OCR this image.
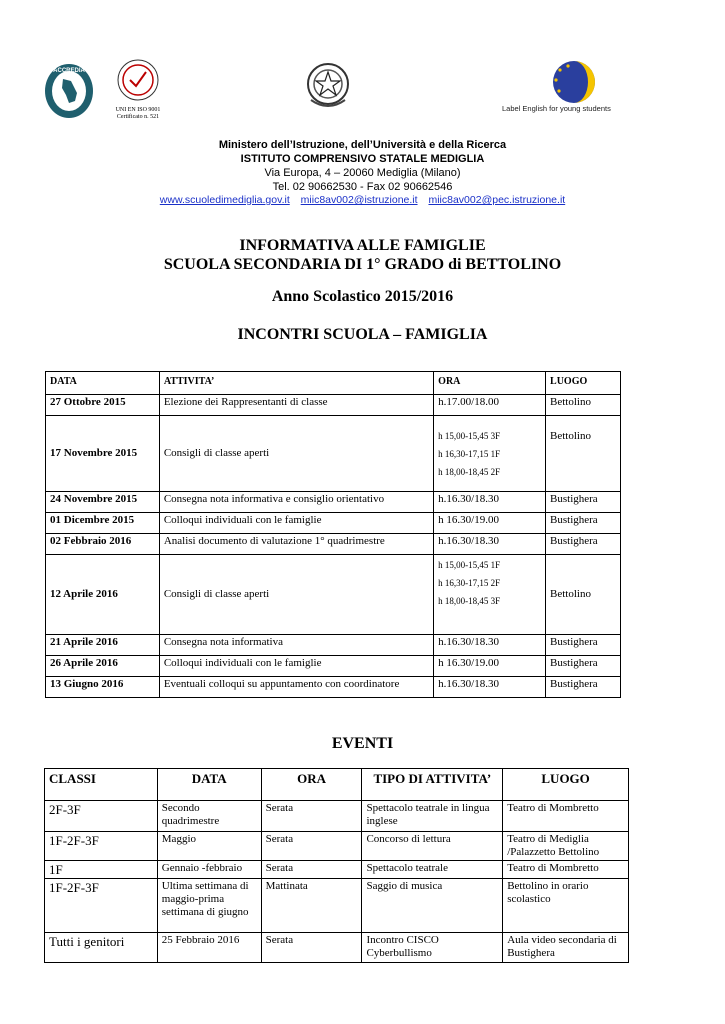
ACCREDIA
UNI EN ISO 9001 Certificato n. 521
Label English for young students
Ministero dell’Istruzione, dell’Università e della Ricerca
ISTITUTO COMPRENSIVO STATALE MEDIGLIA
Via Europa, 4 – 20060 Mediglia (Milano)
Tel. 02 90662530 - Fax 02 90662546
www.scuoledimediglia.gov.it miic8av002@istruzione.it miic8av002@pec.istruzione.it
INFORMATIVA ALLE FAMIGLIE
SCUOLA SECONDARIA DI 1° GRADO di BETTOLINO
Anno Scolastico 2015/2016
INCONTRI SCUOLA – FAMIGLIA
DATA	ATTIVITA’	ORA	LUOGO
27 Ottobre 2015	Elezione dei Rappresentanti di classe	h.17.00/18.00	Bettolino
17 Novembre 2015	Consigli di classe aperti	h 15,00-15,45 3F
h 16,30-17,15 1F
h 18,00-18,45 2F	Bettolino
24 Novembre 2015	Consegna nota informativa e consiglio orientativo	h.16.30/18.30	Bustighera
01 Dicembre 2015	Colloqui individuali con le famiglie	h 16.30/19.00	Bustighera
02 Febbraio 2016	Analisi documento di valutazione 1° quadrimestre	h.16.30/18.30	Bustighera
12 Aprile 2016	Consigli di classe aperti	h 15,00-15,45 1F
h 16,30-17,15 2F
h 18,00-18,45 3F	Bettolino
21 Aprile 2016	Consegna nota informativa	h.16.30/18.30	Bustighera
26 Aprile 2016	Colloqui individuali con le famiglie	h 16.30/19.00	Bustighera
13 Giugno 2016	Eventuali colloqui su appuntamento con coordinatore	h.16.30/18.30	Bustighera
EVENTI
CLASSI	DATA	ORA	TIPO DI ATTIVITA’	LUOGO
2F-3F	Secondo quadrimestre	Serata	Spettacolo teatrale in lingua inglese	Teatro di Mombretto
1F-2F-3F	Maggio	Serata	Concorso di lettura	Teatro di Mediglia /Palazzetto Bettolino
1F	Gennaio -febbraio	Serata	Spettacolo teatrale	Teatro di Mombretto
1F-2F-3F	Ultima settimana di maggio-prima settimana di giugno	Mattinata	Saggio di musica	Bettolino in orario scolastico
Tutti i genitori	25 Febbraio 2016	Serata	Incontro CISCO Cyberbullismo	Aula video secondaria di Bustighera
